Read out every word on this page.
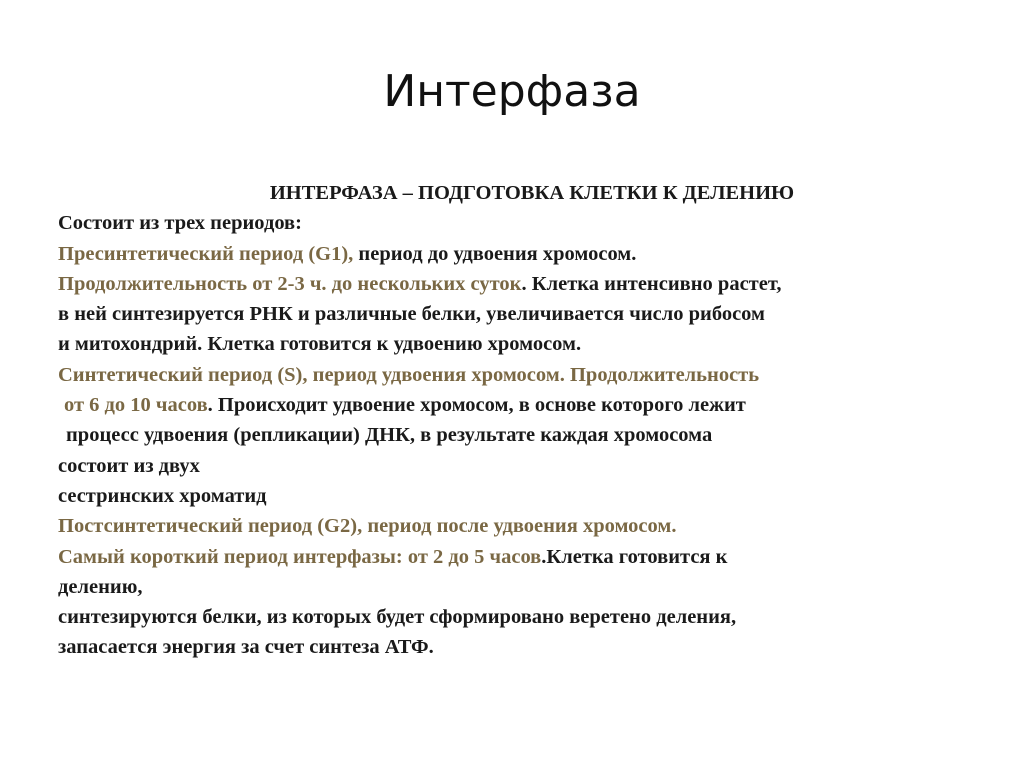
Интерфаза
ИНТЕРФАЗА – ПОДГОТОВКА КЛЕТКИ К ДЕЛЕНИЮ
Состоит из трех периодов:
Пресинтетический период (G1), период до удвоения хромосом.
Продолжительность от 2-3 ч. до нескольких суток. Клетка интенсивно растет,
в ней синтезируется РНК и различные белки, увеличивается число рибосом
и митохондрий. Клетка готовится к удвоению хромосом.
Синтетический период (S), период удвоения хромосом. Продолжительность
от 6 до 10 часов. Происходит удвоение хромосом, в основе которого лежит
процесс удвоения (репликации) ДНК, в результате каждая хромосома
состоит из двух
сестринских хроматид
Постсинтетический период (G2), период после удвоения хромосом.
Самый короткий период интерфазы: от 2 до 5 часов.Клетка готовится к
делению,
синтезируются белки, из которых будет сформировано веретено деления,
запасается энергия за счет синтеза АТФ.
